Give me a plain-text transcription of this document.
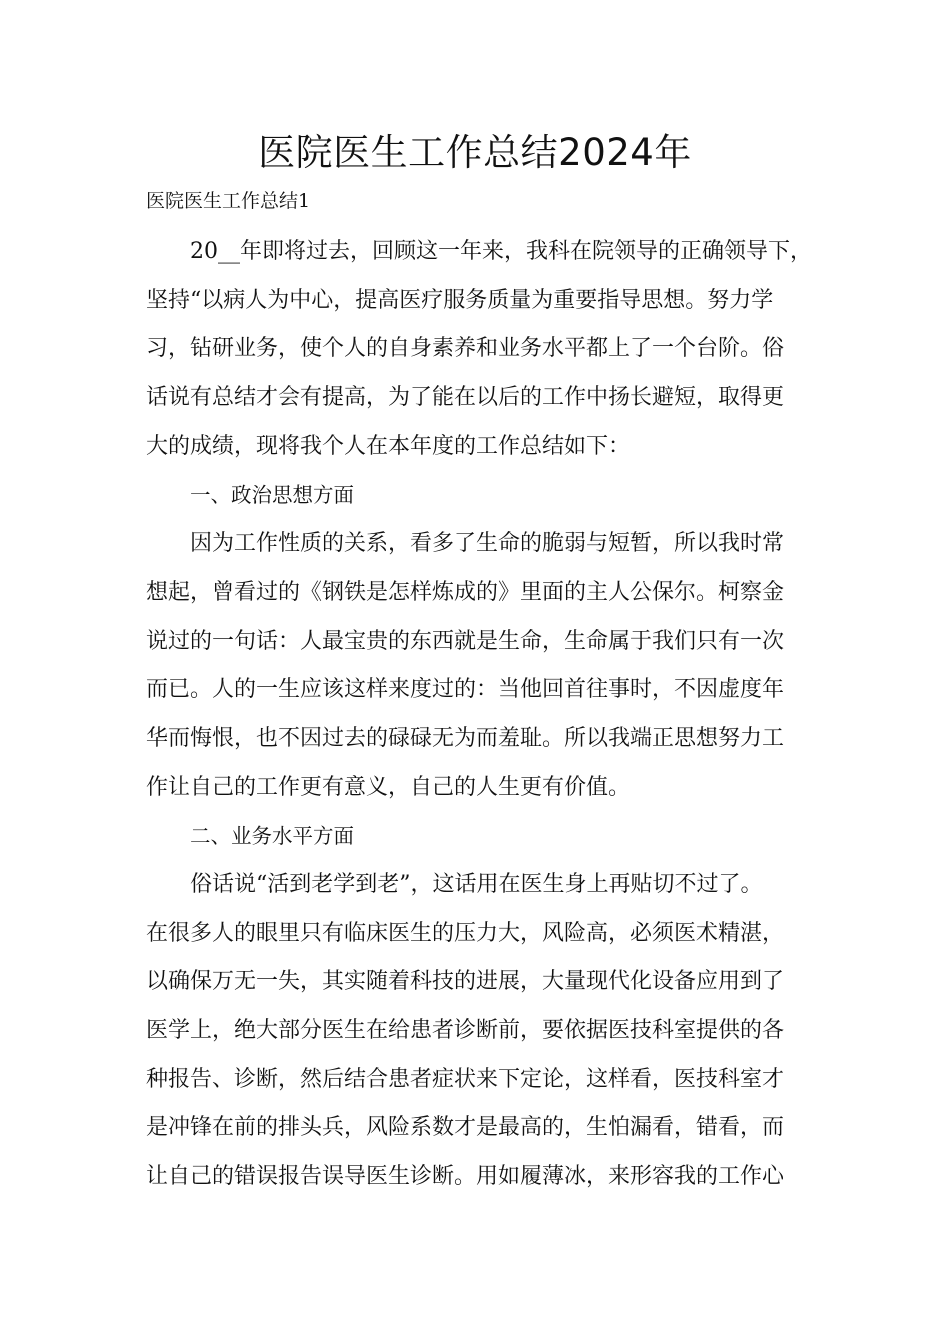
医院医生工作总结2024年

医院医生工作总结1

20__年即将过去，回顾这一年来，我科在院领导的正确领导下，

坚持“以病人为中心，提高医疗服务质量为重要指导思想。努力学

习，钻研业务，使个人的自身素养和业务水平都上了一个台阶。俗

话说有总结才会有提高，为了能在以后的工作中扬长避短，取得更

大的成绩，现将我个人在本年度的工作总结如下：

一、政治思想方面

因为工作性质的关系，看多了生命的脆弱与短暂，所以我时常

想起，曾看过的《钢铁是怎样炼成的》里面的主人公保尔。柯察金

说过的一句话：人最宝贵的东西就是生命，生命属于我们只有一次

而已。人的一生应该这样来度过的：当他回首往事时，不因虚度年

华而悔恨，也不因过去的碌碌无为而羞耻。所以我端正思想努力工

作让自己的工作更有意义，自己的人生更有价值。

二、业务水平方面

俗话说“活到老学到老”，这话用在医生身上再贴切不过了。

在很多人的眼里只有临床医生的压力大，风险高，必须医术精湛，

以确保万无一失，其实随着科技的进展，大量现代化设备应用到了

医学上，绝大部分医生在给患者诊断前，要依据医技科室提供的各

种报告、诊断，然后结合患者症状来下定论，这样看，医技科室才

是冲锋在前的排头兵，风险系数才是最高的，生怕漏看，错看，而

让自己的错误报告误导医生诊断。用如履薄冰，来形容我的工作心
